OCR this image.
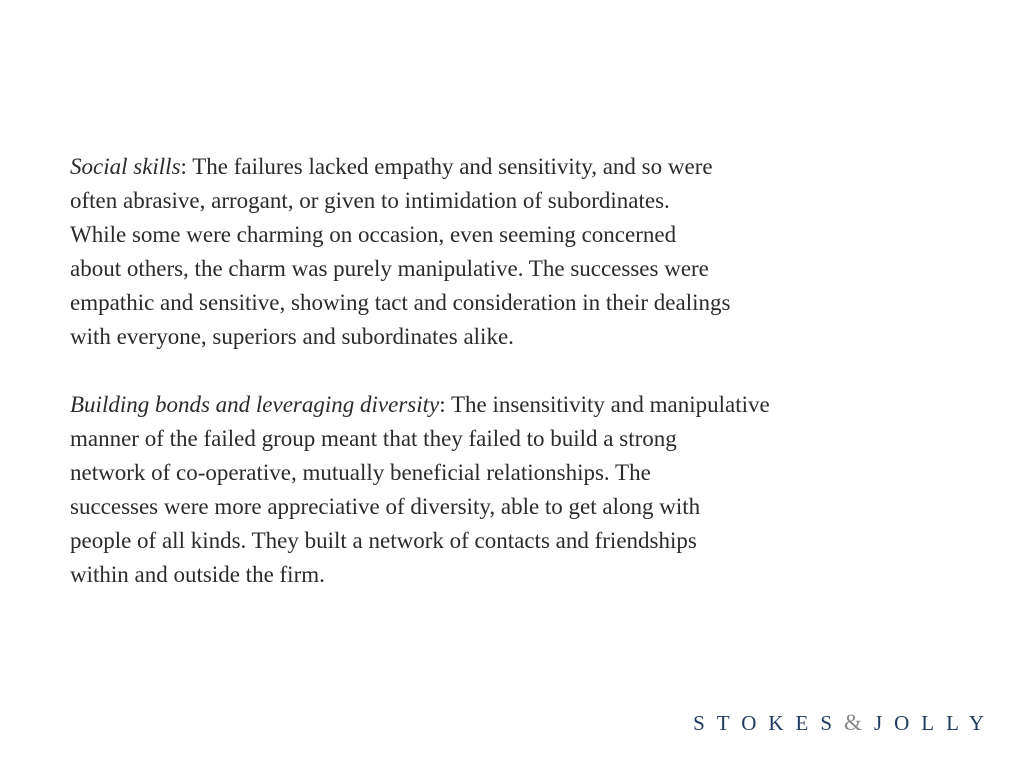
Social skills: The failures lacked empathy and sensitivity, and so were
often abrasive, arrogant, or given to intimidation of subordinates.
While some were charming on occasion, even seeming concerned
about others, the charm was purely manipulative. The successes were
empathic and sensitive, showing tact and consideration in their dealings
with everyone, superiors and subordinates alike.

Building bonds and leveraging diversity: The insensitivity and manipulative
manner of the failed group meant that they failed to build a strong
network of co-operative, mutually beneficial relationships. The
successes were more appreciative of diversity, able to get along with
people of all kinds. They built a network of contacts and friendships
within and outside the firm.

STOKES & JOLLY
